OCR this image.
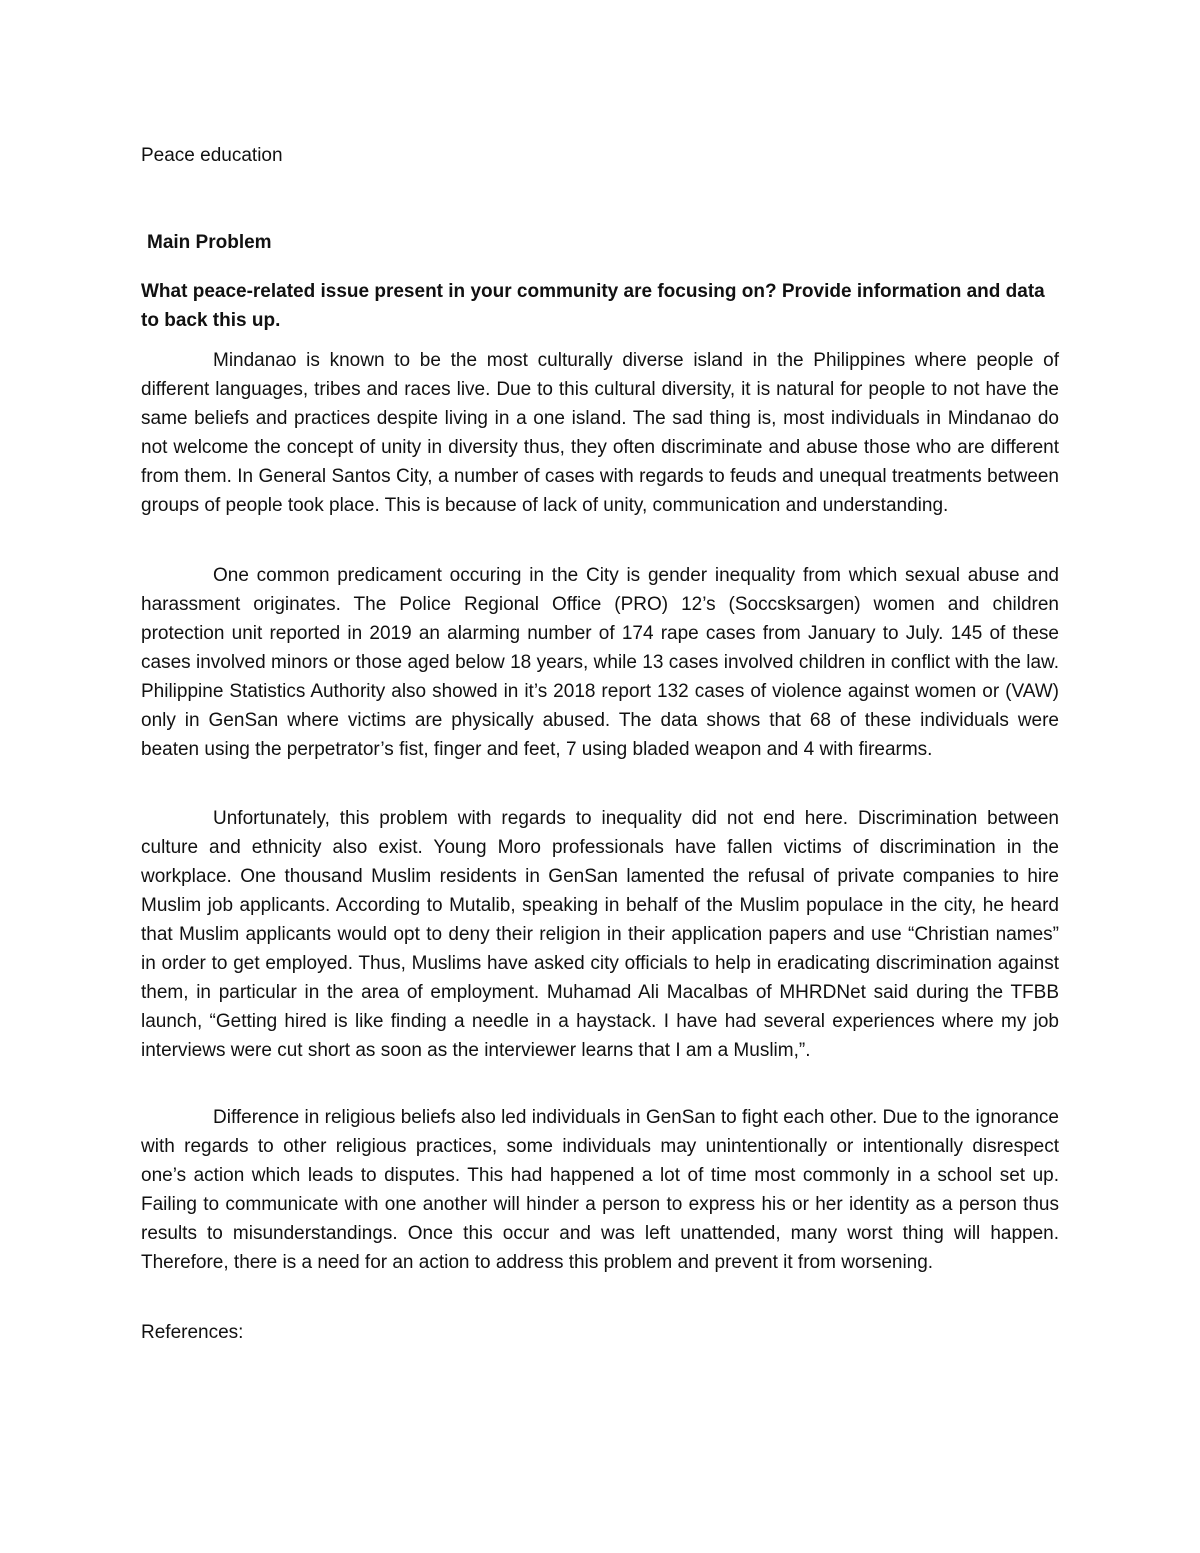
Peace education
Main Problem
What peace-related issue present in your community are focusing on? Provide information and data to back this up.

Mindanao is known to be the most culturally diverse island in the Philippines where people of different languages, tribes and races live. Due to this cultural diversity, it is natural for people to not have the same beliefs and practices despite living in a one island. The sad thing is, most individuals in Mindanao do not welcome the concept of unity in diversity thus, they often discriminate and abuse those who are different from them. In General Santos City, a number of cases with regards to feuds and unequal treatments between groups of people took place. This is because of lack of unity, communication and understanding.

One common predicament occuring in the City is gender inequality from which sexual abuse and harassment originates. The Police Regional Office (PRO) 12’s (Soccsksargen) women and children protection unit reported in 2019 an alarming number of 174 rape cases from January to July. 145 of these cases involved minors or those aged below 18 years, while 13 cases involved children in conflict with the law. Philippine Statistics Authority also showed in it’s 2018 report 132 cases of violence against women or (VAW) only in GenSan where victims are physically abused. The data shows that 68 of these individuals were beaten using the perpetrator’s fist, finger and feet, 7 using bladed weapon and 4 with firearms.

Unfortunately, this problem with regards to inequality did not end here. Discrimination between culture and ethnicity also exist. Young Moro professionals have fallen victims of discrimination in the workplace. One thousand Muslim residents in GenSan lamented the refusal of private companies to hire Muslim job applicants. According to Mutalib, speaking in behalf of the Muslim populace in the city, he heard that Muslim applicants would opt to deny their religion in their application papers and use “Christian names” in order to get employed. Thus, Muslims have asked city officials to help in eradicating discrimination against them, in particular in the area of employment. Muhamad Ali Macalbas of MHRDNet said during the TFBB launch, “Getting hired is like finding a needle in a haystack. I have had several experiences where my job interviews were cut short as soon as the interviewer learns that I am a Muslim,”.

Difference in religious beliefs also led individuals in GenSan to fight each other. Due to the ignorance with regards to other religious practices, some individuals may unintentionally or intentionally disrespect one’s action which leads to disputes. This had happened a lot of time most commonly in a school set up. Failing to communicate with one another will hinder a person to express his or her identity as a person thus results to misunderstandings. Once this occur and was left unattended, many worst thing will happen. Therefore, there is a need for an action to address this problem and prevent it from worsening.

References:
